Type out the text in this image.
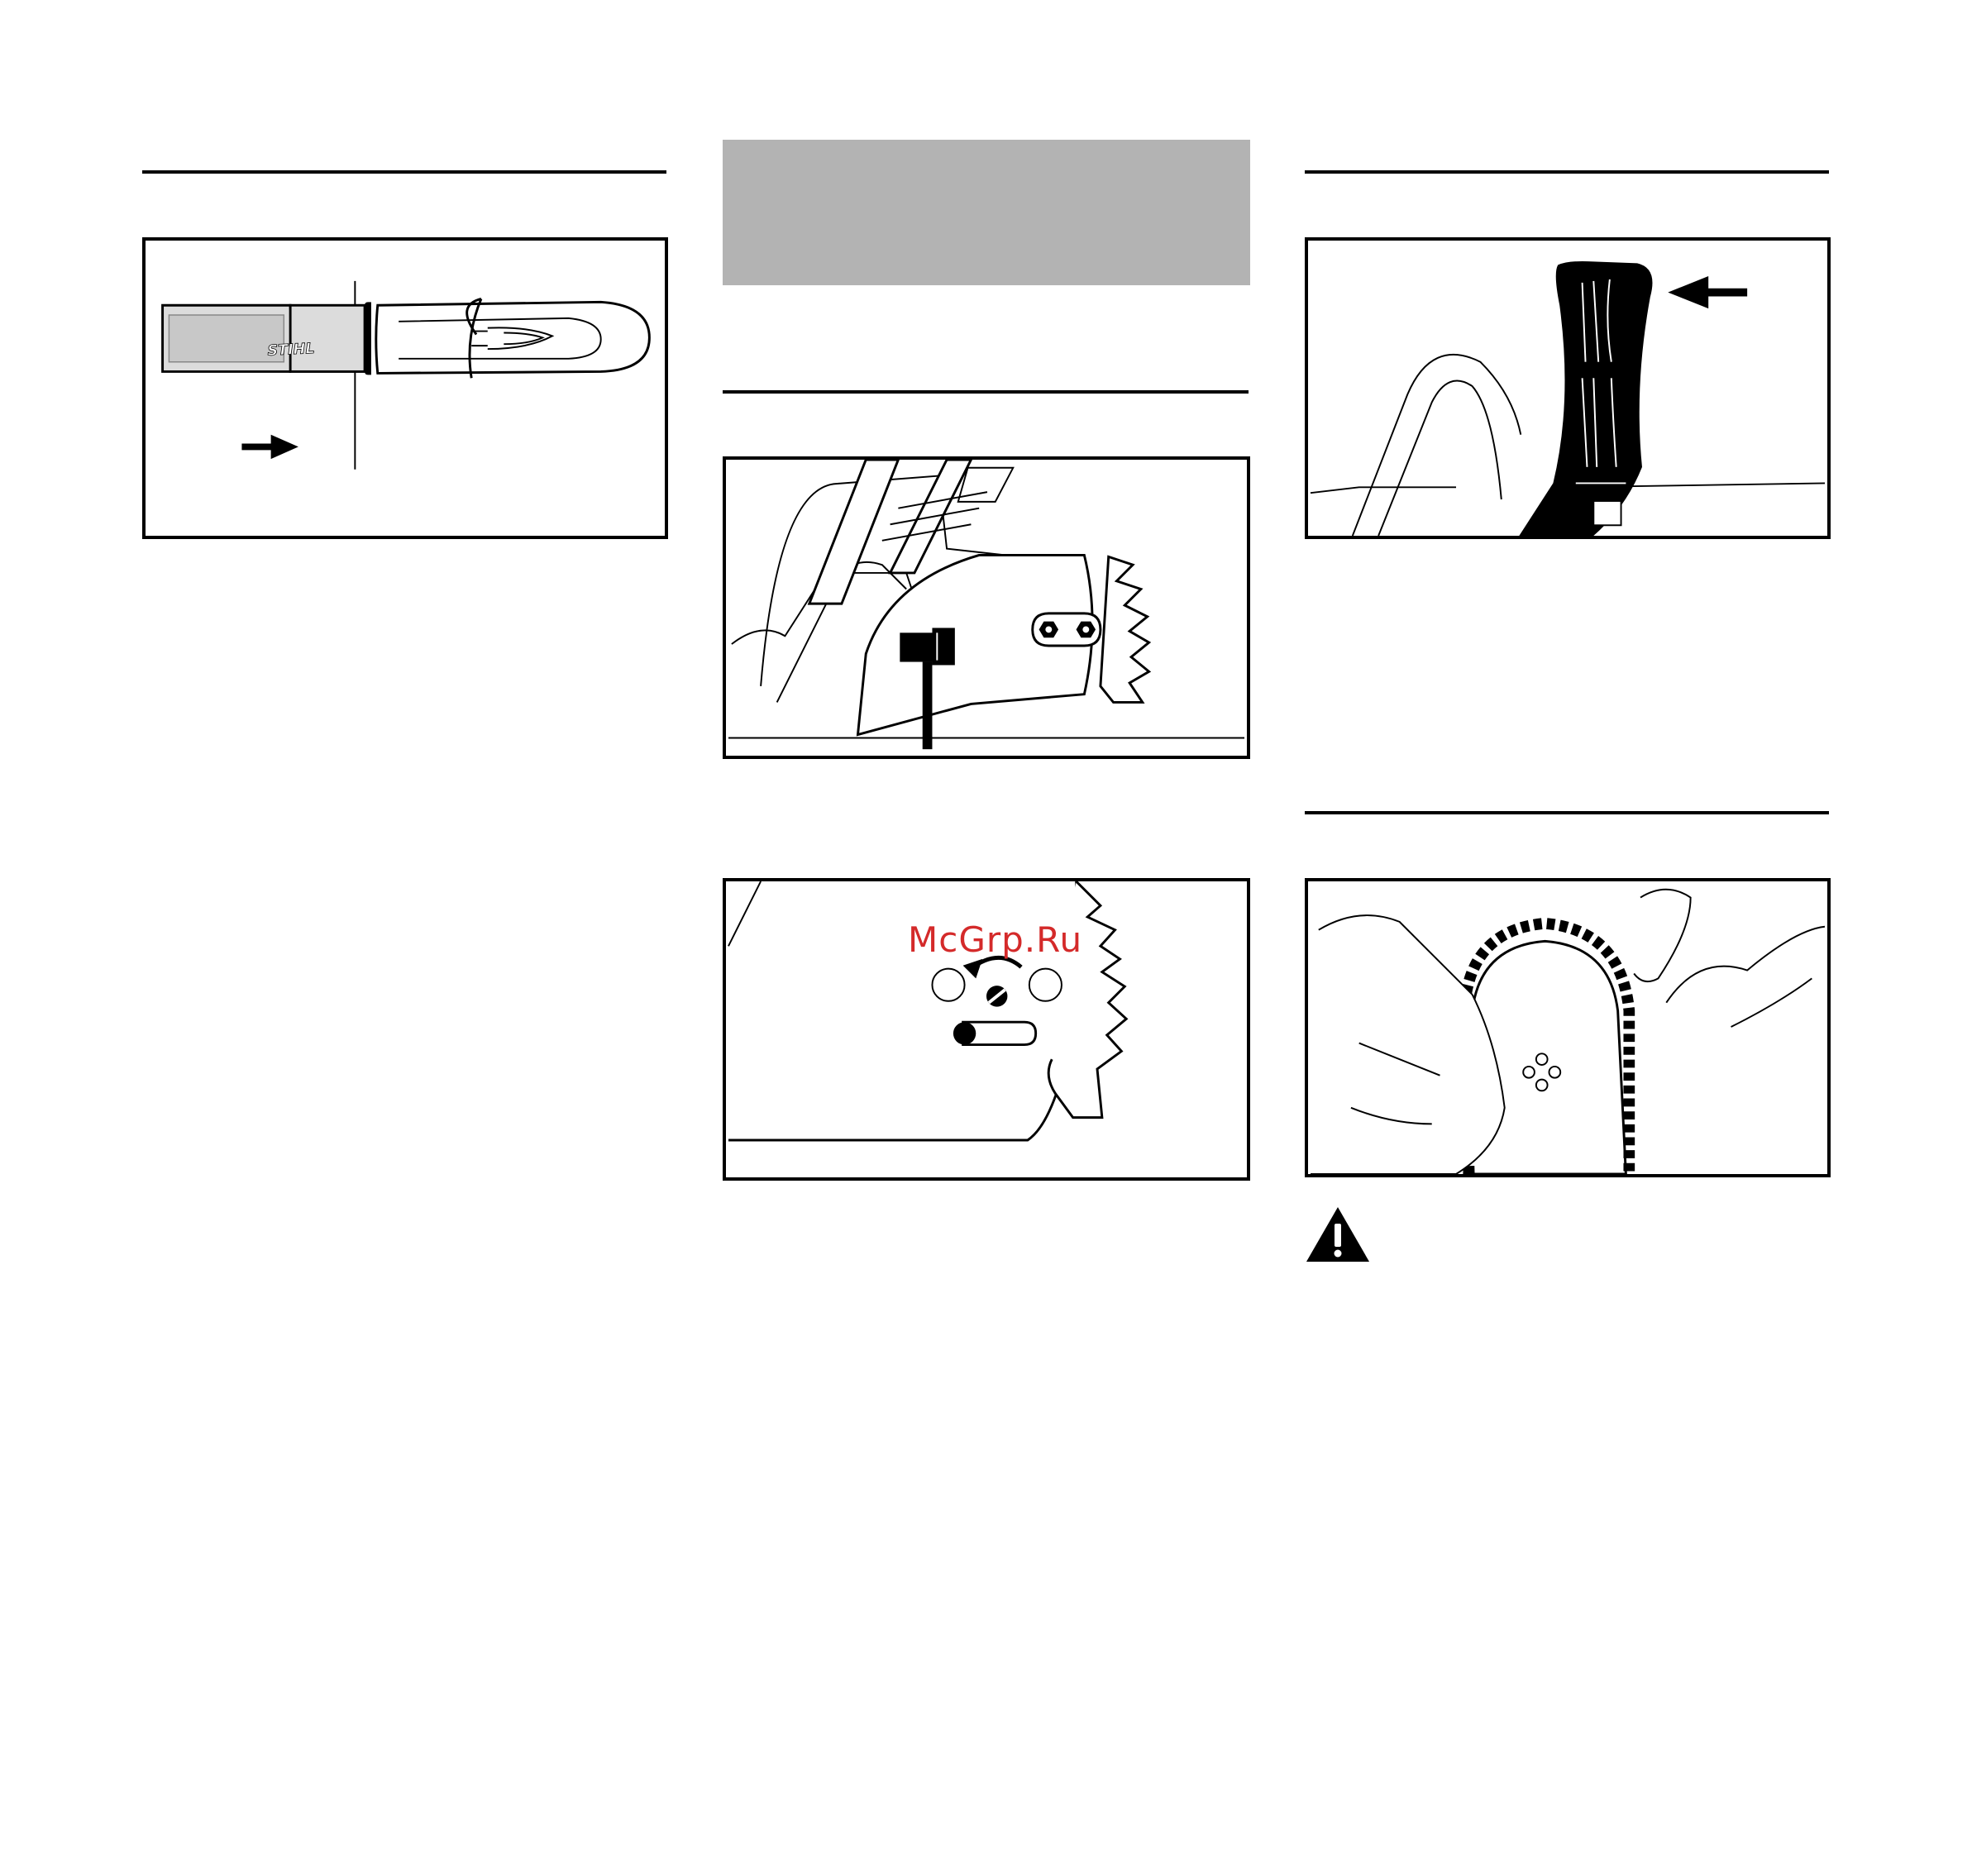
STIHL
McGrp.Ru
